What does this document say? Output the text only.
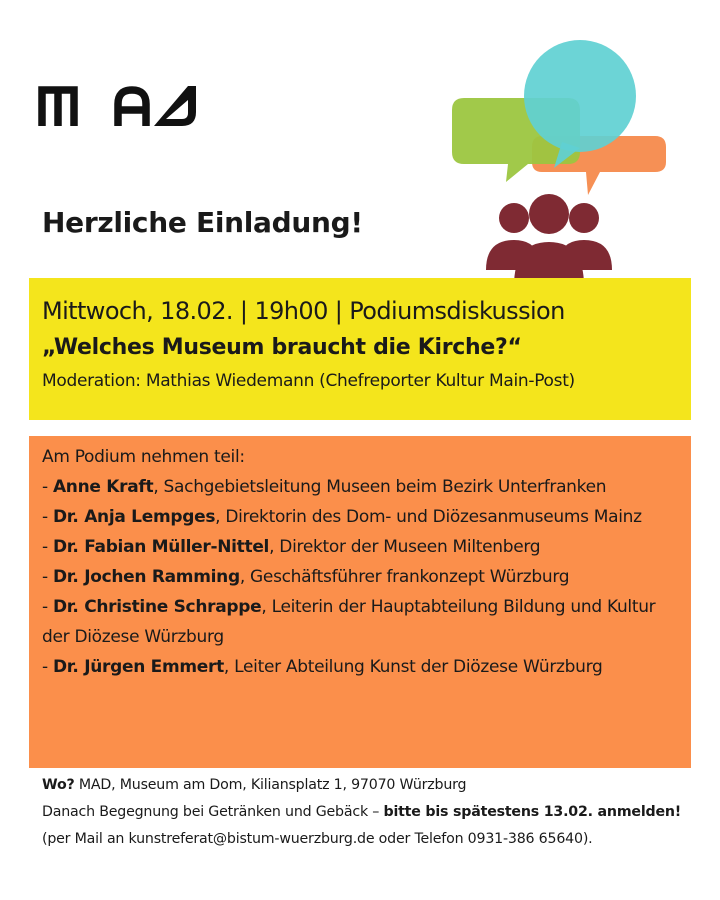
Herzliche Einladung!
Mittwoch, 18.02. | 19h00 | Podiumsdiskussion
„Welches Museum braucht die Kirche?“
Moderation: Mathias Wiedemann (Chefreporter Kultur Main-Post)
Am Podium nehmen teil:
- Anne Kraft, Sachgebietsleitung Museen beim Bezirk Unterfranken
- Dr. Anja Lempges, Direktorin des Dom- und Diözesanmuseums Mainz
- Dr. Fabian Müller-Nittel, Direktor der Museen Miltenberg
- Dr. Jochen Ramming, Geschäftsführer frankonzept Würzburg
- Dr. Christine Schrappe, Leiterin der Hauptabteilung Bildung und Kultur der Diözese Würzburg
- Dr. Jürgen Emmert, Leiter Abteilung Kunst der Diözese Würzburg
Wo? MAD, Museum am Dom, Kiliansplatz 1, 97070 Würzburg
Danach Begegnung bei Getränken und Gebäck – bitte bis spätestens 13.02. anmelden! (per Mail an kunstreferat@bistum-wuerzburg.de oder Telefon 0931-386 65640).
